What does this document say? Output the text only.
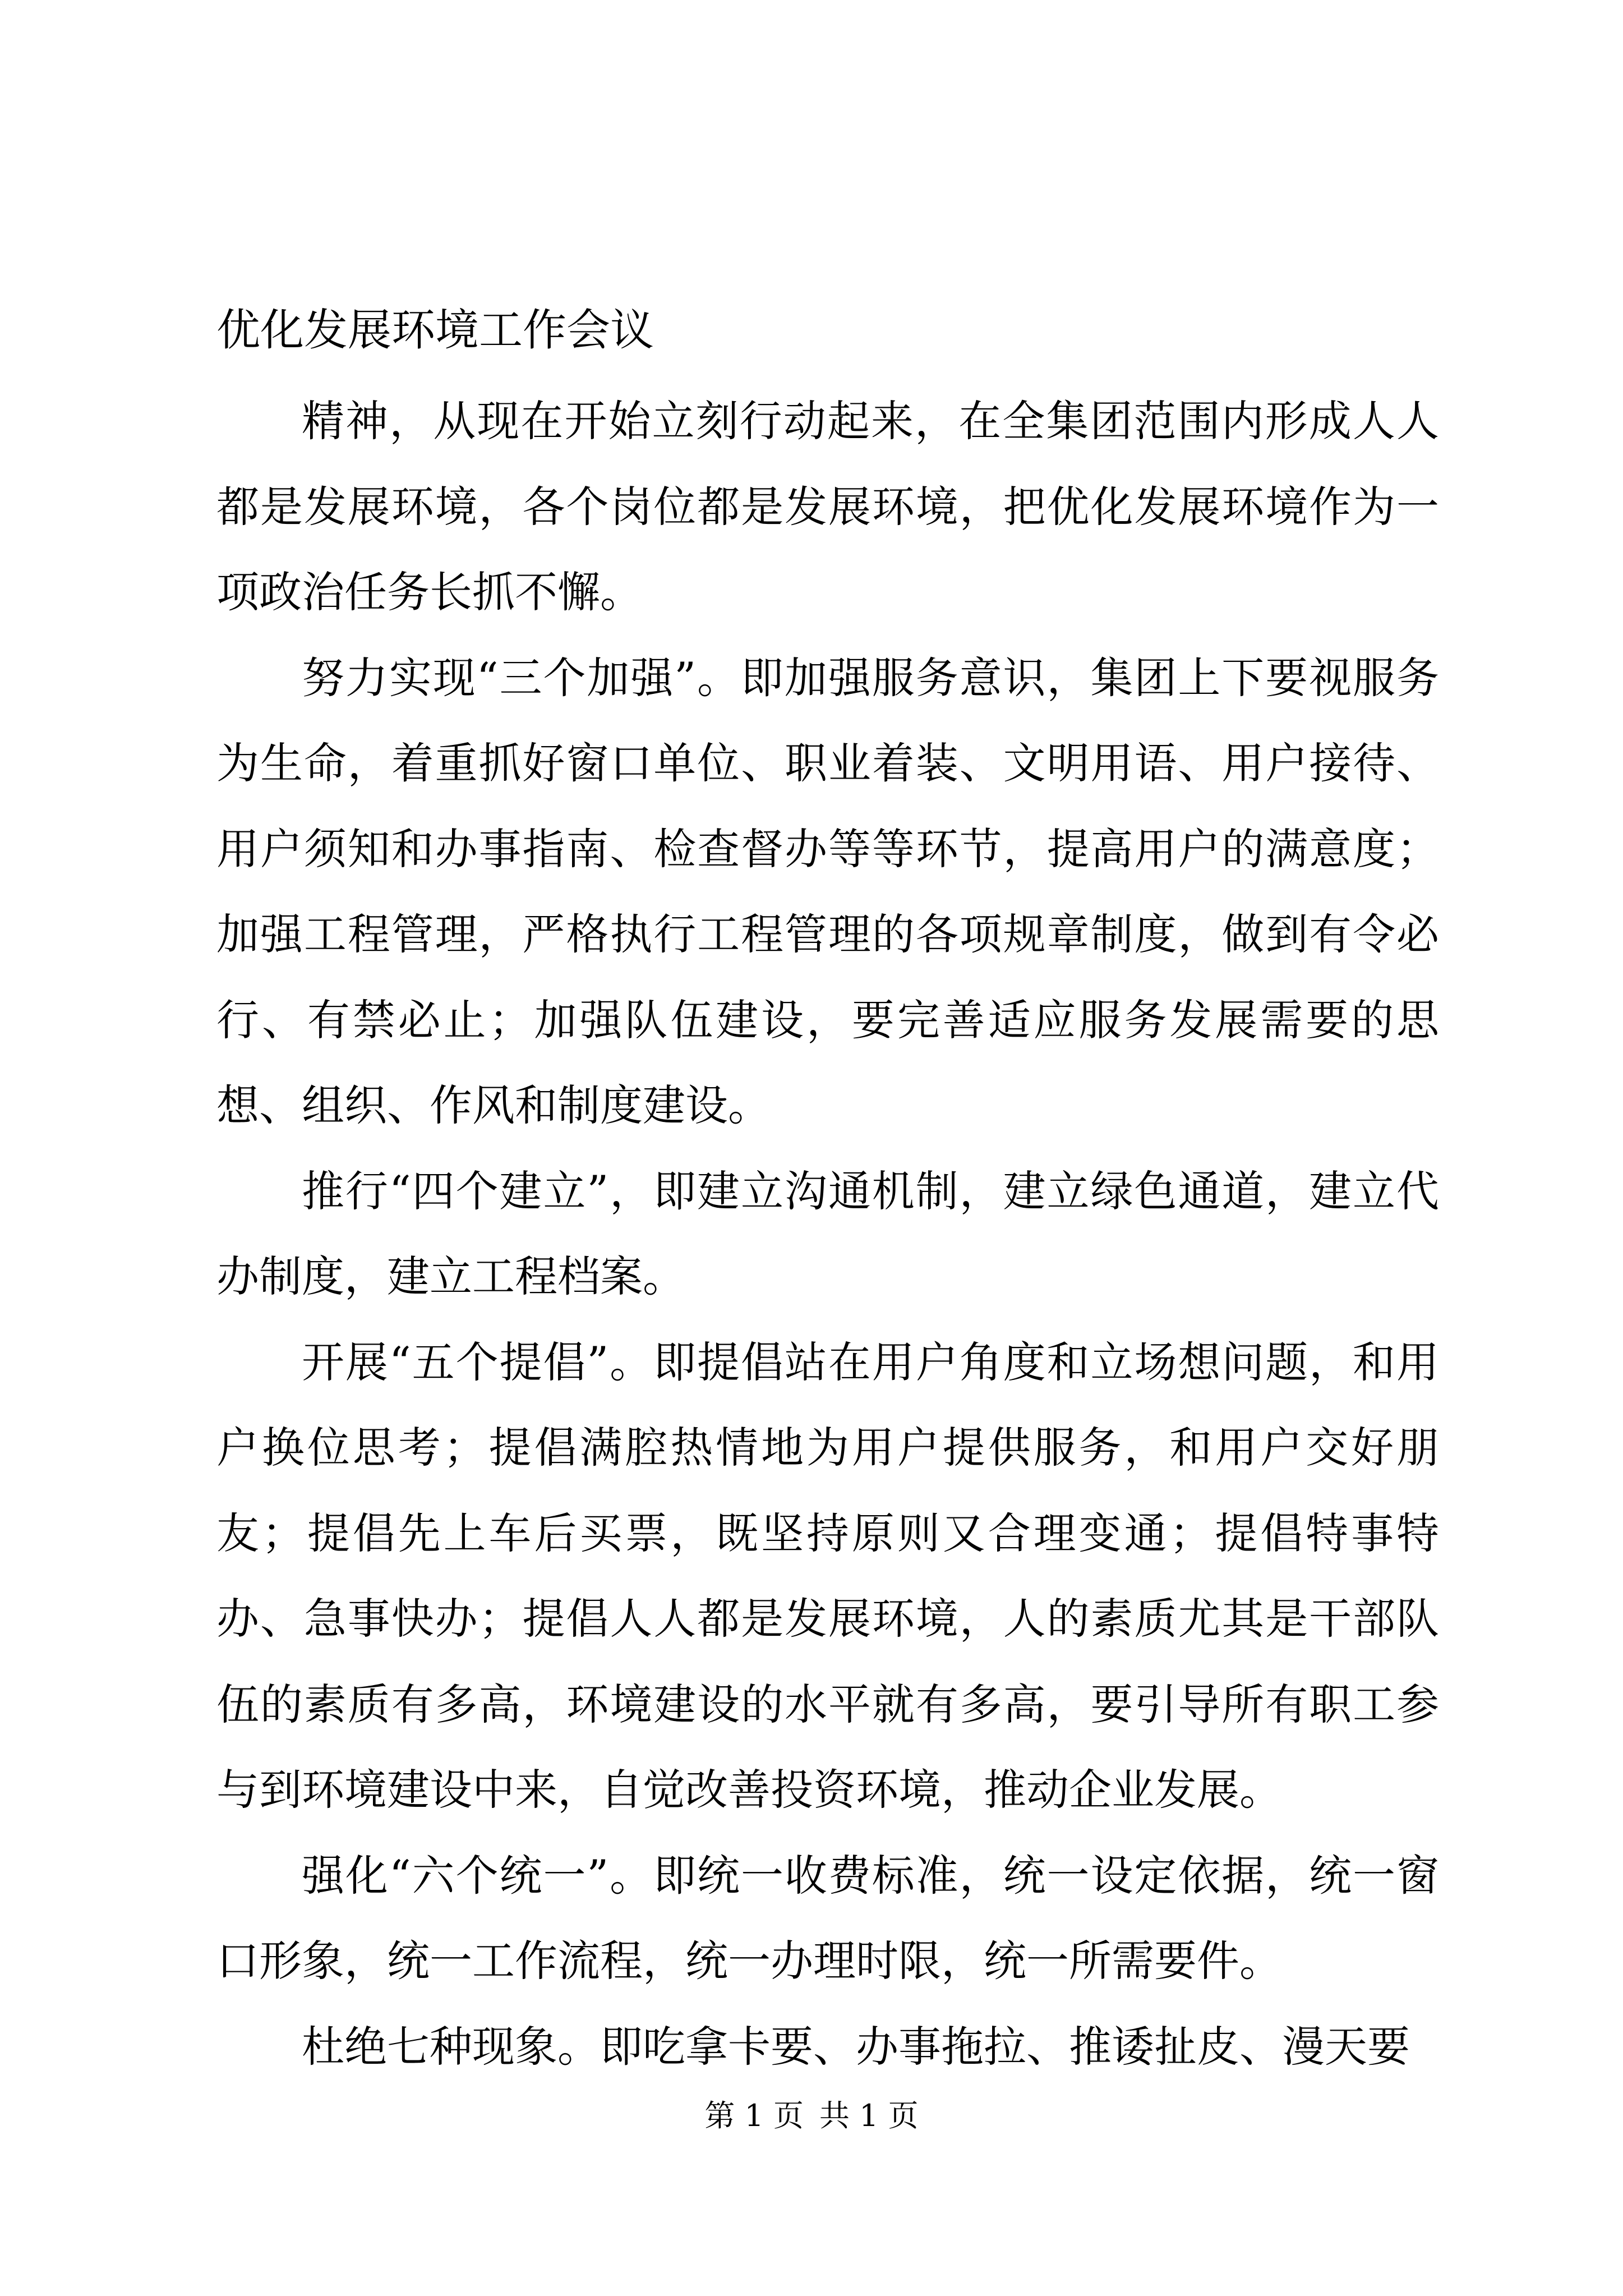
优化发展环境工作会议

精神，从现在开始立刻行动起来，在全集团范围内形成人人都是发展环境，各个岗位都是发展环境，把优化发展环境作为一项政治任务长抓不懈。

努力实现“三个加强”。即加强服务意识，集团上下要视服务为生命，着重抓好窗口单位、职业着装、文明用语、用户接待、用户须知和办事指南、检查督办等等环节，提高用户的满意度；加强工程管理，严格执行工程管理的各项规章制度，做到有令必行、有禁必止；加强队伍建设，要完善适应服务发展需要的思想、组织、作风和制度建设。

推行“四个建立”，即建立沟通机制，建立绿色通道，建立代办制度，建立工程档案。

开展“五个提倡”。即提倡站在用户角度和立场想问题，和用户换位思考；提倡满腔热情地为用户提供服务，和用户交好朋友；提倡先上车后买票，既坚持原则又合理变通；提倡特事特办、急事快办；提倡人人都是发展环境，人的素质尤其是干部队伍的素质有多高，环境建设的水平就有多高，要引导所有职工参与到环境建设中来，自觉改善投资环境，推动企业发展。

强化“六个统一”。即统一收费标准，统一设定依据，统一窗口形象，统一工作流程，统一办理时限，统一所需要件。

杜绝七种现象。即吃拿卡要、办事拖拉、推诿扯皮、漫天要

第 1 页 共 1 页
